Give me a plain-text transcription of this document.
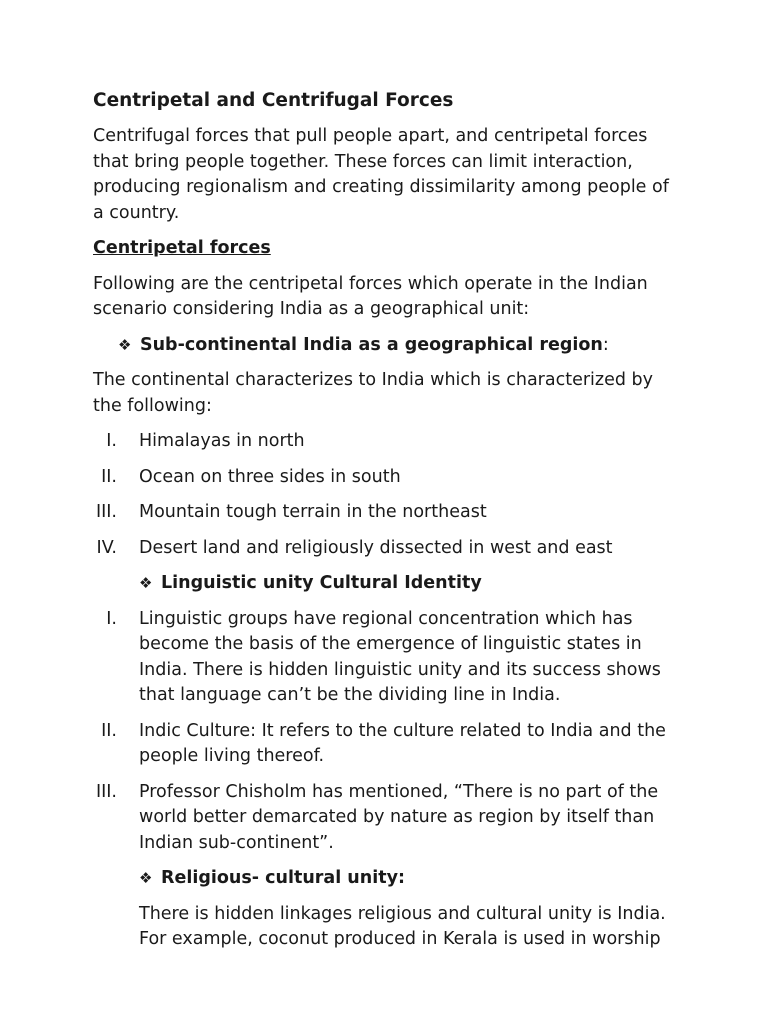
Centripetal and Centrifugal Forces
Centrifugal forces that pull people apart, and centripetal forces that bring people together. These forces can limit interaction, producing regionalism and creating dissimilarity among people of a country.
Centripetal forces
Following are the centripetal forces which operate in the Indian scenario considering India as a geographical unit:
❖ Sub-continental India as a geographical region:
The continental characterizes to India which is characterized by the following:
I. Himalayas in north
II. Ocean on three sides in south
III. Mountain tough terrain in the northeast
IV. Desert land and religiously dissected in west and east
❖ Linguistic unity Cultural Identity
I. Linguistic groups have regional concentration which has become the basis of the emergence of linguistic states in India. There is hidden linguistic unity and its success shows that language can’t be the dividing line in India.
II. Indic Culture: It refers to the culture related to India and the people living thereof.
III. Professor Chisholm has mentioned, “There is no part of the world better demarcated by nature as region by itself than Indian sub-continent”.
❖ Religious- cultural unity:
There is hidden linkages religious and cultural unity is India. For example, coconut produced in Kerala is used in worship
